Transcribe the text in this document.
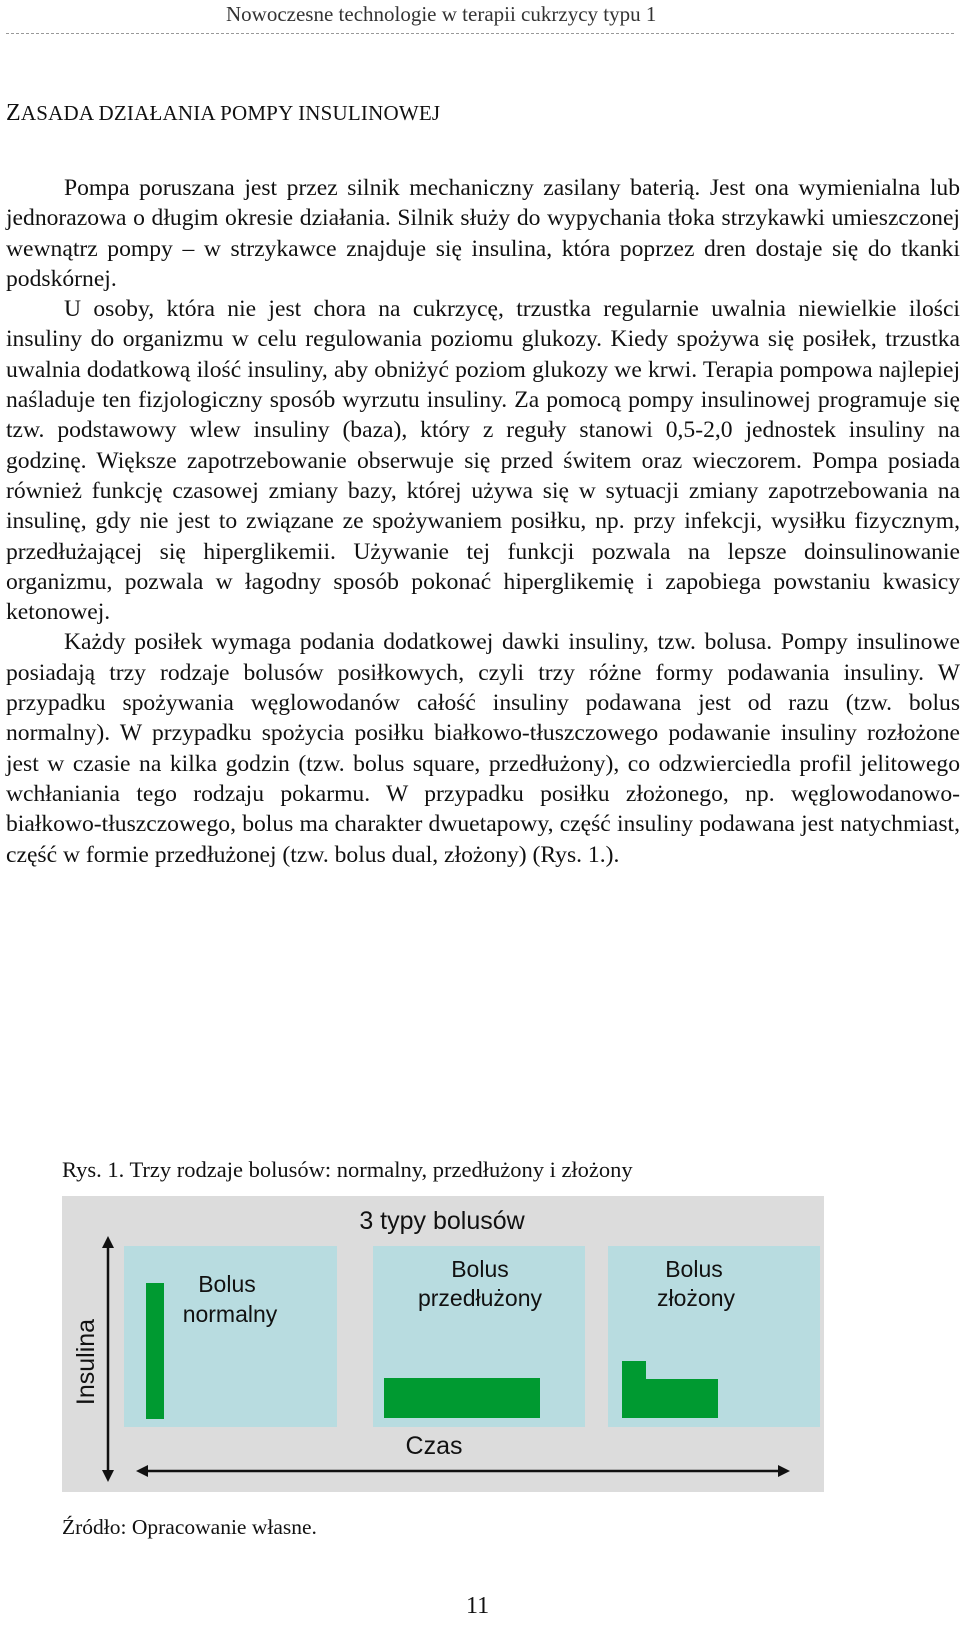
Nowoczesne technologie w terapii cukrzycy typu 1
ZASADA DZIAŁANIA POMPY INSULINOWEJ

Pompa poruszana jest przez silnik mechaniczny zasilany baterią. Jest ona wymienialna lub jednorazowa o długim okresie działania. Silnik służy do wypychania tłoka strzykawki umieszczonej wewnątrz pompy – w strzykawce znajduje się insulina, która poprzez dren dostaje się do tkanki podskórnej.

U osoby, która nie jest chora na cukrzycę, trzustka regularnie uwalnia niewielkie ilości insuliny do organizmu w celu regulowania poziomu glukozy. Kiedy spożywa się posiłek, trzustka uwalnia dodatkową ilość insuliny, aby obniżyć poziom glukozy we krwi. Terapia pompowa najlepiej naśladuje ten fizjologiczny sposób wyrzutu insuliny. Za pomocą pompy insulinowej programuje się tzw. podstawowy wlew insuliny (baza), który z reguły stanowi 0,5-2,0 jednostek insuliny na godzinę. Większe zapotrzebowanie obserwuje się przed świtem oraz wieczorem. Pompa posiada również funkcję czasowej zmiany bazy, której używa się w sytuacji zmiany zapotrzebowania na insulinę, gdy nie jest to związane ze spożywaniem posiłku, np. przy infekcji, wysiłku fizycznym, przedłużającej się hiperglikemii. Używanie tej funkcji pozwala na lepsze doinsulinowanie organizmu, pozwala w łagodny sposób pokonać hiperglikemię i zapobiega powstaniu kwasicy ketonowej.

Każdy posiłek wymaga podania dodatkowej dawki insuliny, tzw. bolusa. Pompy insulinowe posiadają trzy rodzaje bolusów posiłkowych, czyli trzy różne formy podawania insuliny. W przypadku spożywania węglowodanów całość insuliny podawana jest od razu (tzw. bolus normalny). W przypadku spożycia posiłku białkowo-tłuszczowego podawanie insuliny rozłożone jest w czasie na kilka godzin (tzw. bolus square, przedłużony), co odzwierciedla profil jelitowego wchłaniania tego rodzaju pokarmu. W przypadku posiłku złożonego, np. węglowodanowo-białkowo-tłuszczowego, bolus ma charakter dwuetapowy, część insuliny podawana jest natychmiast, część w formie przedłużonej (tzw. bolus dual, złożony) (Rys. 1.).

Rys. 1. Trzy rodzaje bolusów: normalny, przedłużony i złożony
3 typy bolusów
Insulina
Czas
Bolus
normalny
Bolus
przedłużony
Bolus
złożony
Źródło: Opracowanie własne.
11
